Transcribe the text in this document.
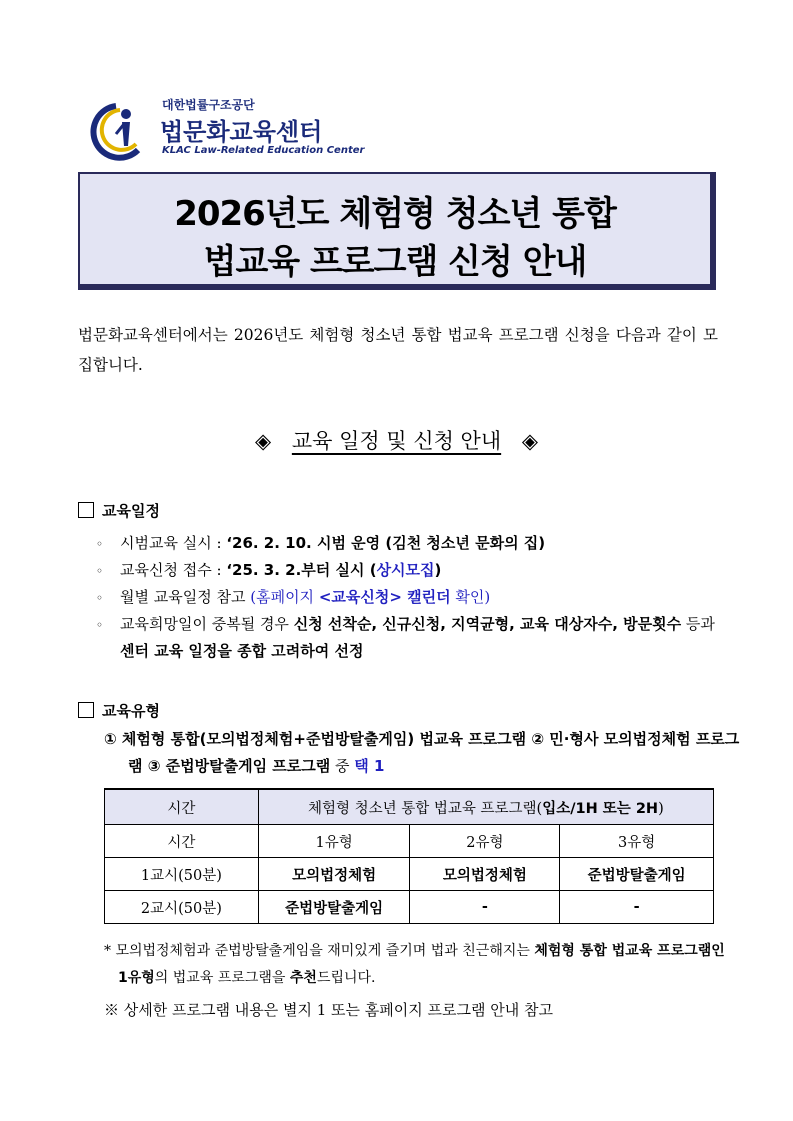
대한법률구조공단
법문화교육센터
KLAC Law-Related Education Center
2026년도 체험형 청소년 통합
법교육 프로그램 신청 안내
법문화교육센터에서는 2026년도 체험형 청소년 통합 법교육 프로그램 신청을 다음과 같이 모집합니다.
◈ 교육 일정 및 신청 안내 ◈
교육일정
◦ 시범교육 실시 : ‘26. 2. 10. 시범 운영 (김천 청소년 문화의 집)
◦ 교육신청 접수 : ‘25. 3. 2.부터 실시 (상시모집)
◦ 월별 교육일정 참고 (홈페이지 <교육신청> 캘린더 확인)
◦ 교육희망일이 중복될 경우 신청 선착순, 신규신청, 지역균형, 교육 대상자수, 방문횟수 등과 센터 교육 일정을 종합 고려하여 선정
교육유형
① 체험형 통합(모의법정체험+준법방탈출게임) 법교육 프로그램 ② 민·형사 모의법정체험 프로그램 ③ 준법방탈출게임 프로그램 중 택 1
시간	체험형 청소년 통합 법교육 프로그램(입소/1H 또는 2H)		
시간	1유형	2유형	3유형
1교시(50분)	모의법정체험	모의법정체험	준법방탈출게임
2교시(50분)	준법방탈출게임	-	-
* 모의법정체험과 준법방탈출게임을 재미있게 즐기며 법과 친근해지는 체험형 통합 법교육 프로그램인 1유형의 법교육 프로그램을 추천드립니다.
※ 상세한 프로그램 내용은 별지 1 또는 홈페이지 프로그램 안내 참고
